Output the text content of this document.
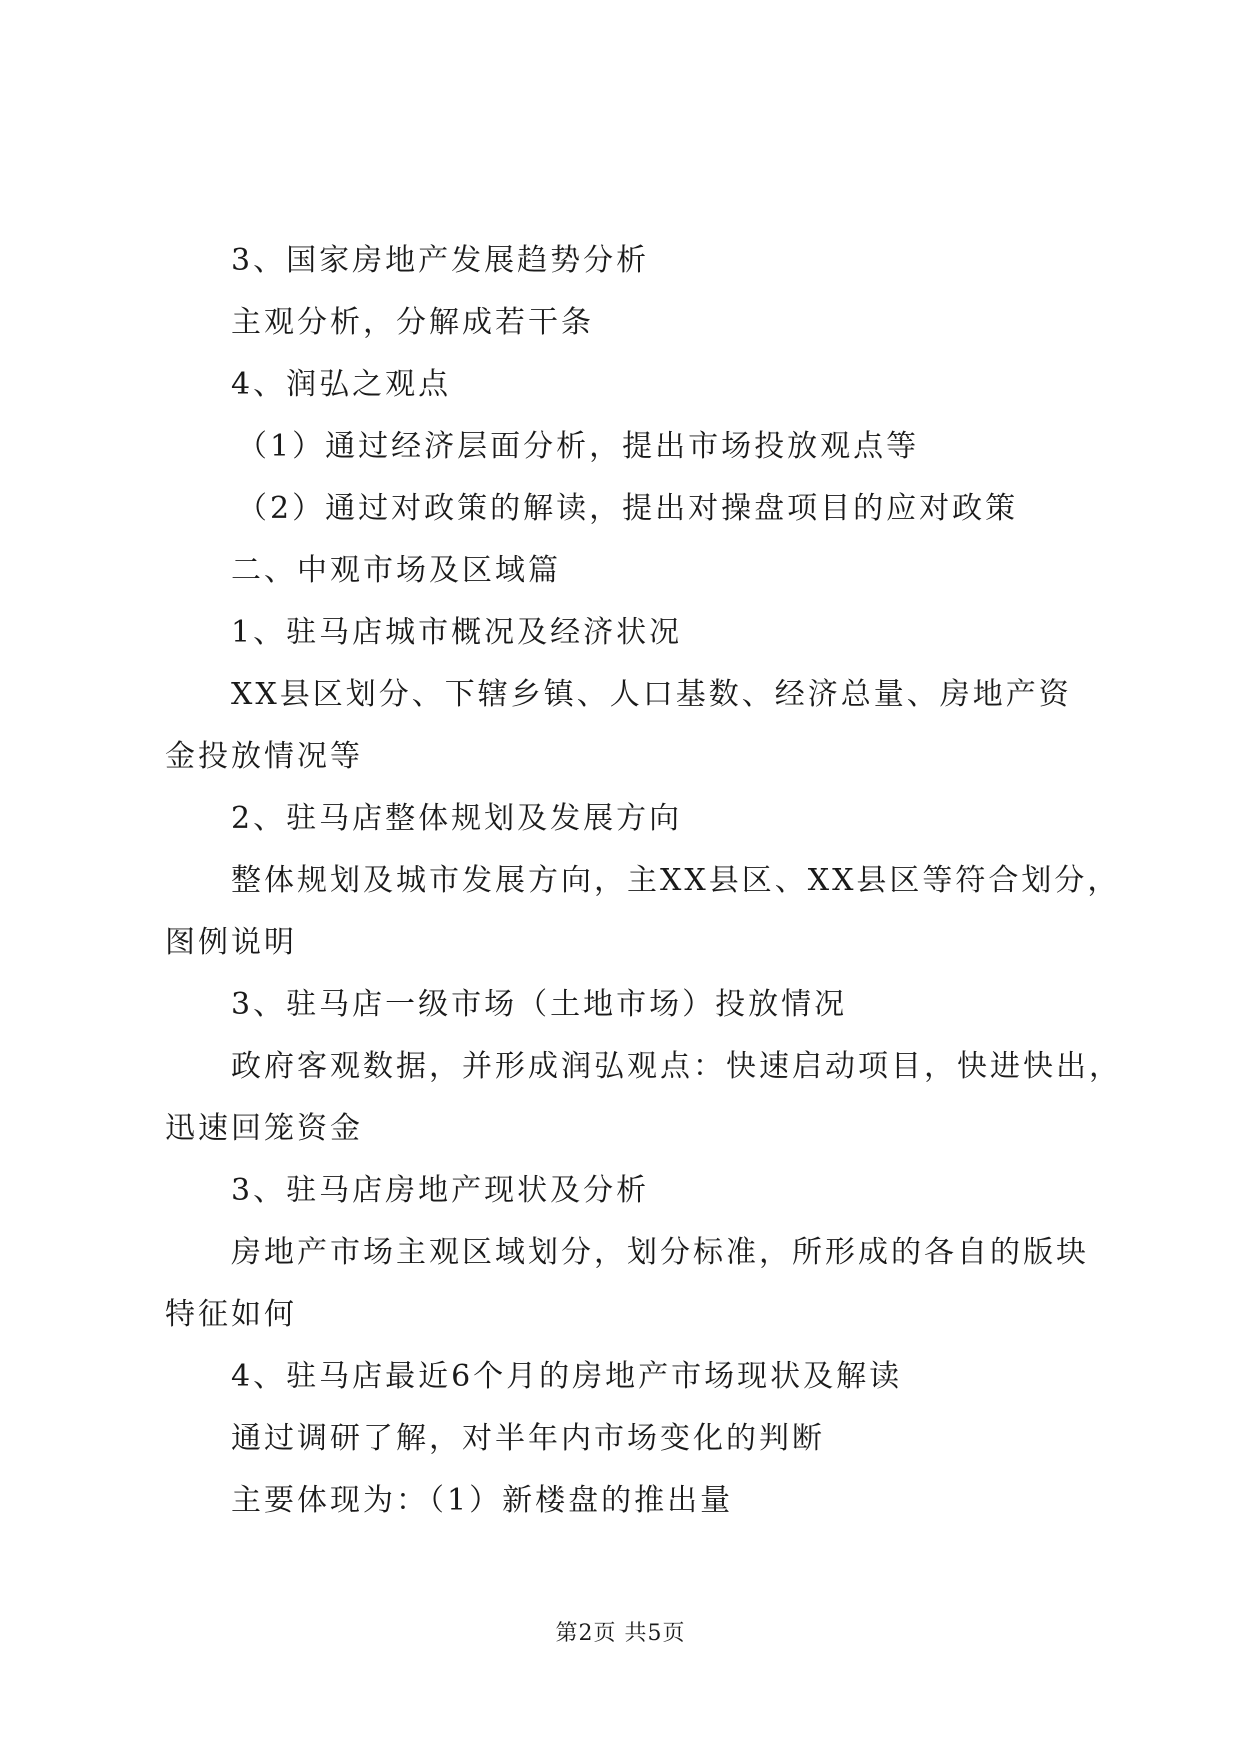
3、国家房地产发展趋势分析

主观分析，分解成若干条

4、润弘之观点

（1）通过经济层面分析，提出市场投放观点等

（2）通过对政策的解读，提出对操盘项目的应对政策

二、中观市场及区域篇

1、驻马店城市概况及经济状况

XX县区划分、下辖乡镇、人口基数、经济总量、房地产资

金投放情况等

2、驻马店整体规划及发展方向

整体规划及城市发展方向，主XX县区、XX县区等符合划分，

图例说明

3、驻马店一级市场（土地市场）投放情况

政府客观数据，并形成润弘观点：快速启动项目，快进快出，

迅速回笼资金

3、驻马店房地产现状及分析

房地产市场主观区域划分，划分标准，所形成的各自的版块

特征如何

4、驻马店最近6个月的房地产市场现状及解读

通过调研了解，对半年内市场变化的判断

主要体现为：（1）新楼盘的推出量

第2页 共5页
